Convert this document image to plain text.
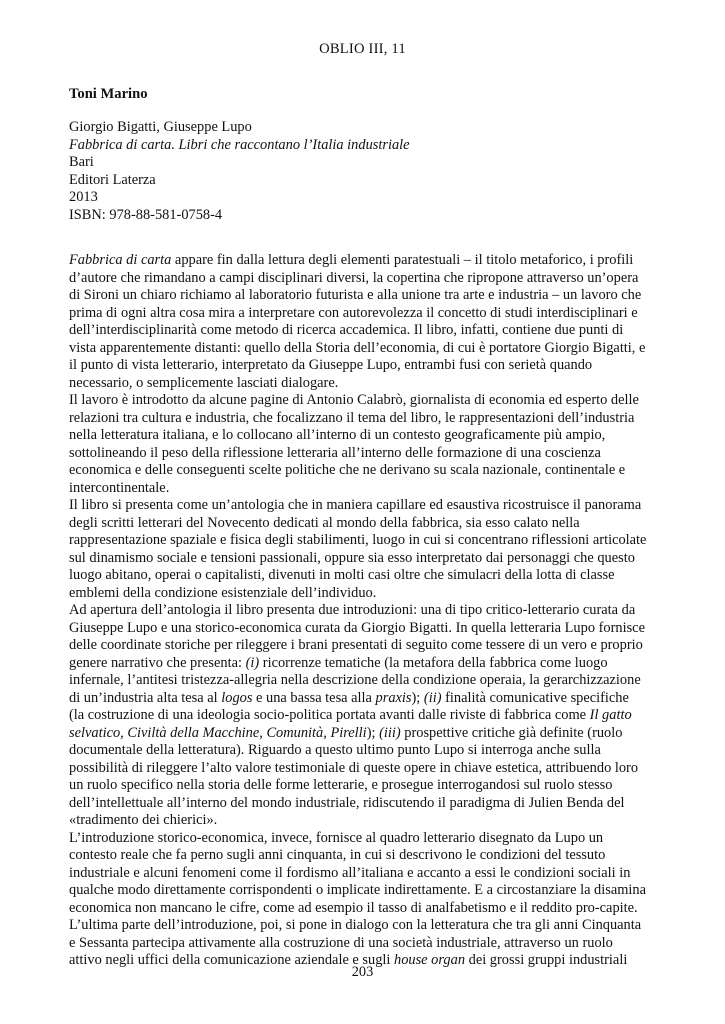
OBLIO III, 11
Toni Marino
Giorgio Bigatti, Giuseppe Lupo
Fabbrica di carta. Libri che raccontano l’Italia industriale
Bari
Editori Laterza
2013
ISBN: 978-88-581-0758-4
Fabbrica di carta appare fin dalla lettura degli elementi paratestuali – il titolo metaforico, i profili
d’autore che rimandano a campi disciplinari diversi, la copertina che ripropone attraverso un’opera
di Sironi un chiaro richiamo al laboratorio futurista e alla unione tra arte e industria – un lavoro che
prima di ogni altra cosa mira a interpretare con autorevolezza il concetto di studi interdisciplinari e
dell’interdisciplinarità come metodo di ricerca accademica. Il libro, infatti, contiene due punti di
vista apparentemente distanti: quello della Storia dell’economia, di cui è portatore Giorgio Bigatti, e
il punto di vista letterario, interpretato da Giuseppe Lupo, entrambi fusi con serietà quando
necessario, o semplicemente lasciati dialogare.
Il lavoro è introdotto da alcune pagine di Antonio Calabrò, giornalista di economia ed esperto delle
relazioni tra cultura e industria, che focalizzano il tema del libro, le rappresentazioni dell’industria
nella letteratura italiana, e lo collocano all’interno di un contesto geograficamente più ampio,
sottolineando il peso della riflessione letteraria all’interno delle formazione di una coscienza
economica e delle conseguenti scelte politiche che ne derivano su scala nazionale, continentale e
intercontinentale.
Il libro si presenta come un’antologia che in maniera capillare ed esaustiva ricostruisce il panorama
degli scritti letterari del Novecento dedicati al mondo della fabbrica, sia esso calato nella
rappresentazione spaziale e fisica degli stabilimenti, luogo in cui si concentrano riflessioni articolate
sul dinamismo sociale e tensioni passionali, oppure sia esso interpretato dai personaggi che questo
luogo abitano, operai o capitalisti, divenuti in molti casi oltre che simulacri della lotta di classe
emblemi della condizione esistenziale dell’individuo.
Ad apertura dell’antologia il libro presenta due introduzioni: una di tipo critico-letterario curata da
Giuseppe Lupo e una storico-economica curata da Giorgio Bigatti. In quella letteraria Lupo fornisce
delle coordinate storiche per rileggere i brani presentati di seguito come tessere di un vero e proprio
genere narrativo che presenta: (i) ricorrenze tematiche (la metafora della fabbrica come luogo
infernale, l’antitesi tristezza-allegria nella descrizione della condizione operaia, la gerarchizzazione
di un’industria alta tesa al logos e una bassa tesa alla praxis); (ii) finalità comunicative specifiche
(la costruzione di una ideologia socio-politica portata avanti dalle riviste di fabbrica come Il gatto
selvatico, Civiltà della Macchine, Comunità, Pirelli); (iii) prospettive critiche già definite (ruolo
documentale della letteratura). Riguardo a questo ultimo punto Lupo si interroga anche sulla
possibilità di rileggere l’alto valore testimoniale di queste opere in chiave estetica, attribuendo loro
un ruolo specifico nella storia delle forme letterarie, e prosegue interrogandosi sul ruolo stesso
dell’intellettuale all’interno del mondo industriale, ridiscutendo il paradigma di Julien Benda del
«tradimento dei chierici».
L’introduzione storico-economica, invece, fornisce al quadro letterario disegnato da Lupo un
contesto reale che fa perno sugli anni cinquanta, in cui si descrivono le condizioni del tessuto
industriale e alcuni fenomeni come il fordismo all’italiana e accanto a essi le condizioni sociali in
qualche modo direttamente corrispondenti o implicate indirettamente. E a circostanziare la disamina
economica non mancano le cifre, come ad esempio il tasso di analfabetismo e il reddito pro-capite.
L’ultima parte dell’introduzione, poi, si pone in dialogo con la letteratura che tra gli anni Cinquanta
e Sessanta partecipa attivamente alla costruzione di una società industriale, attraverso un ruolo
attivo negli uffici della comunicazione aziendale e sugli house organ dei grossi gruppi industriali
203
